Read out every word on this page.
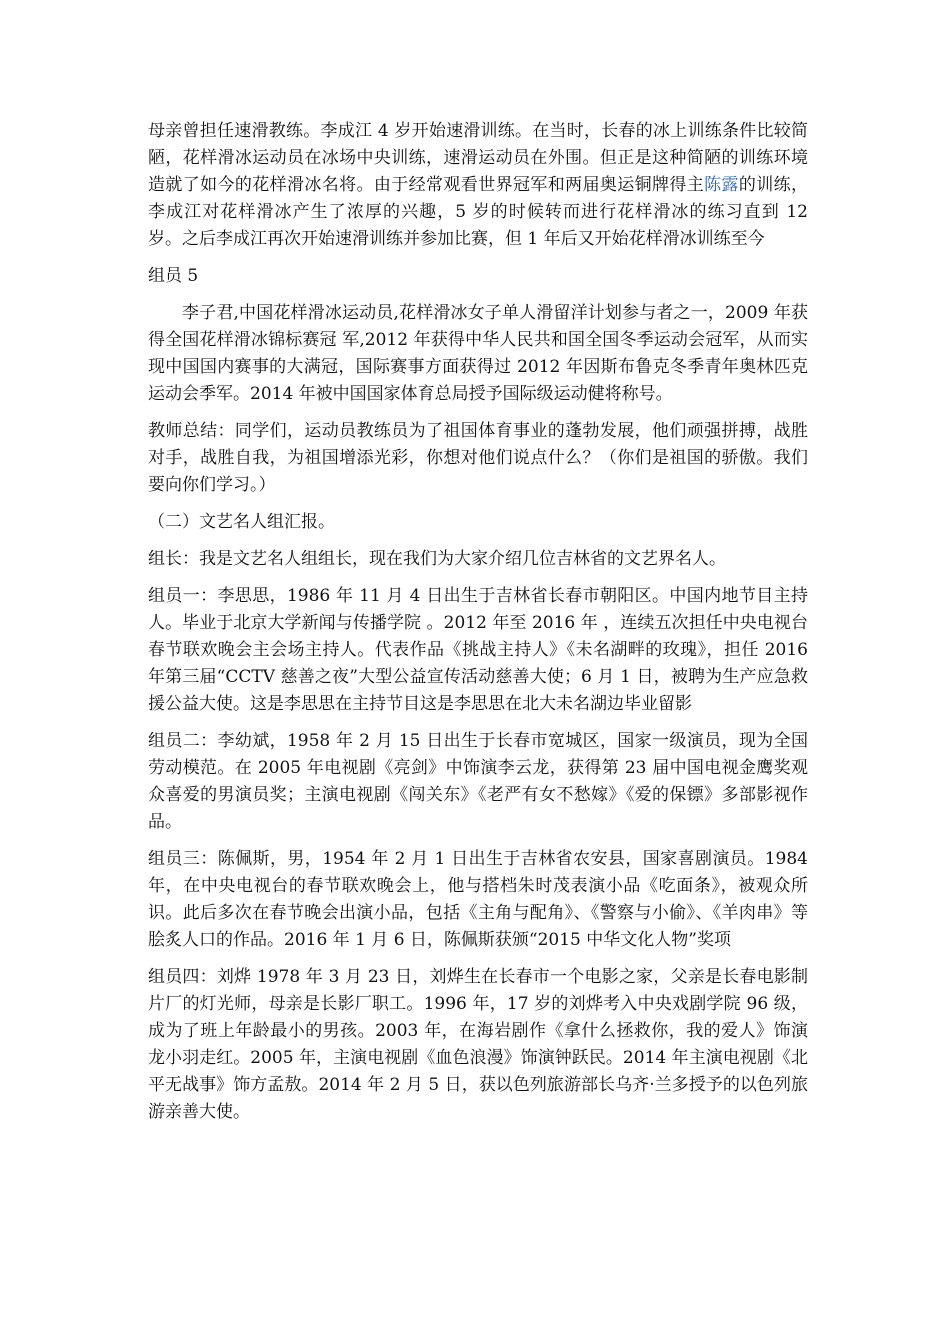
母亲曾担任速滑教练。李成江 4 岁开始速滑训练。在当时，长春的冰上训练条件比较简陋，花样滑冰运动员在冰场中央训练，速滑运动员在外围。但正是这种简陋的训练环境造就了如今的花样滑冰名将。由于经常观看世界冠军和两届奥运铜牌得主陈露的训练，李成江对花样滑冰产生了浓厚的兴趣，5 岁的时候转而进行花样滑冰的练习直到 12 岁。之后李成江再次开始速滑训练并参加比赛，但 1 年后又开始花样滑冰训练至今

组员 5

李子君,中国花样滑冰运动员,花样滑冰女子单人滑留洋计划参与者之一，2009 年获得全国花样滑冰锦标赛冠 军,2012 年获得中华人民共和国全国冬季运动会冠军，从而实现中国国内赛事的大满冠，国际赛事方面获得过 2012 年因斯布鲁克冬季青年奥林匹克运动会季军。2014 年被中国国家体育总局授予国际级运动健将称号。

教师总结：同学们，运动员教练员为了祖国体育事业的蓬勃发展，他们顽强拼搏，战胜对手，战胜自我，为祖国增添光彩，你想对他们说点什么？（你们是祖国的骄傲。我们要向你们学习。）

（二）文艺名人组汇报。

组长：我是文艺名人组组长，现在我们为大家介绍几位吉林省的文艺界名人。

组员一：李思思，1986 年 11 月 4 日出生于吉林省长春市朝阳区。中国内地节目主持人。毕业于北京大学新闻与传播学院 。2012 年至 2016 年 ，连续五次担任中央电视台春节联欢晚会主会场主持人。代表作品《挑战主持人》《未名湖畔的玫瑰》，担任 2016 年第三届“CCTV 慈善之夜”大型公益宣传活动慈善大使；6 月 1 日，被聘为生产应急救援公益大使。这是李思思在主持节目这是李思思在北大未名湖边毕业留影

组员二：李幼斌，1958 年 2 月 15 日出生于长春市宽城区，国家一级演员，现为全国劳动模范。在 2005 年电视剧《亮剑》中饰演李云龙，获得第 23 届中国电视金鹰奖观众喜爱的男演员奖；主演电视剧《闯关东》《老严有女不愁嫁》《爱的保镖》多部影视作品。

组员三：陈佩斯，男，1954 年 2 月 1 日出生于吉林省农安县，国家喜剧演员。1984 年，在中央电视台的春节联欢晚会上，他与搭档朱时茂表演小品《吃面条》，被观众所识。此后多次在春节晚会出演小品，包括《主角与配角》、《警察与小偷》、《羊肉串》等脍炙人口的作品。2016 年 1 月 6 日，陈佩斯获颁“2015 中华文化人物”奖项

组员四：刘烨 1978 年 3 月 23 日，刘烨生在长春市一个电影之家，父亲是长春电影制片厂的灯光师，母亲是长影厂职工。1996 年，17 岁的刘烨考入中央戏剧学院 96 级，成为了班上年龄最小的男孩。2003 年，在海岩剧作《拿什么拯救你，我的爱人》饰演龙小羽走红。2005 年，主演电视剧《血色浪漫》饰演钟跃民。2014 年主演电视剧《北平无战事》饰方孟敖。2014 年 2 月 5 日，获以色列旅游部长乌齐·兰多授予的以色列旅游亲善大使。
